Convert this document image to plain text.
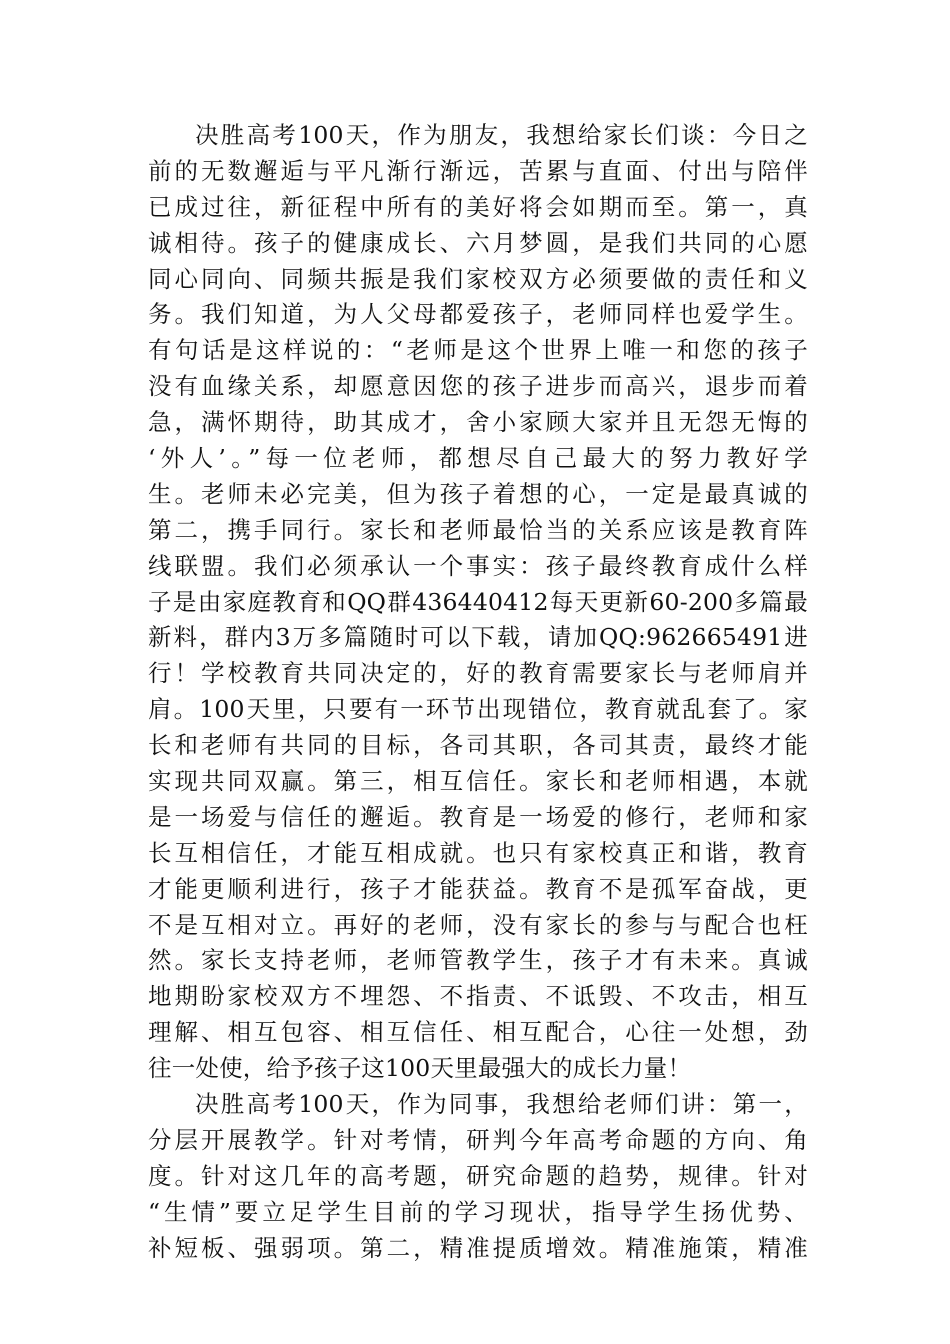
决胜高考100天，作为朋友，我想给家长们谈：今日之
前的无数邂逅与平凡渐行渐远，苦累与直面、付出与陪伴
已成过往，新征程中所有的美好将会如期而至。第一，真
诚相待。孩子的健康成长、六月梦圆，是我们共同的心愿
同心同向、同频共振是我们家校双方必须要做的责任和义
务。我们知道，为人父母都爱孩子，老师同样也爱学生。
有句话是这样说的：“老师是这个世界上唯一和您的孩子
没有血缘关系，却愿意因您的孩子进步而高兴，退步而着
急，满怀期待，助其成才，舍小家顾大家并且无怨无悔的
‘外人’。”每一位老师，都想尽自己最大的努力教好学
生。老师未必完美，但为孩子着想的心，一定是最真诚的
第二，携手同行。家长和老师最恰当的关系应该是教育阵
线联盟。我们必须承认一个事实：孩子最终教育成什么样
子是由家庭教育和QQ群436440412每天更新60-200多篇最
新料，群内3万多篇随时可以下载，请加QQ:962665491进
行！学校教育共同决定的，好的教育需要家长与老师肩并
肩。100天里，只要有一环节出现错位，教育就乱套了。家
长和老师有共同的目标，各司其职，各司其责，最终才能
实现共同双赢。第三，相互信任。家长和老师相遇，本就
是一场爱与信任的邂逅。教育是一场爱的修行，老师和家
长互相信任，才能互相成就。也只有家校真正和谐，教育
才能更顺利进行，孩子才能获益。教育不是孤军奋战，更
不是互相对立。再好的老师，没有家长的参与与配合也枉
然。家长支持老师，老师管教学生，孩子才有未来。真诚
地期盼家校双方不埋怨、不指责、不诋毁、不攻击，相互
理解、相互包容、相互信任、相互配合，心往一处想，劲
往一处使，给予孩子这100天里最强大的成长力量！
决胜高考100天，作为同事，我想给老师们讲：第一，
分层开展教学。针对考情，研判今年高考命题的方向、角
度。针对这几年的高考题，研究命题的趋势，规律。针对
“生情”要立足学生目前的学习现状，指导学生扬优势、
补短板、强弱项。第二，精准提质增效。精准施策，精准
